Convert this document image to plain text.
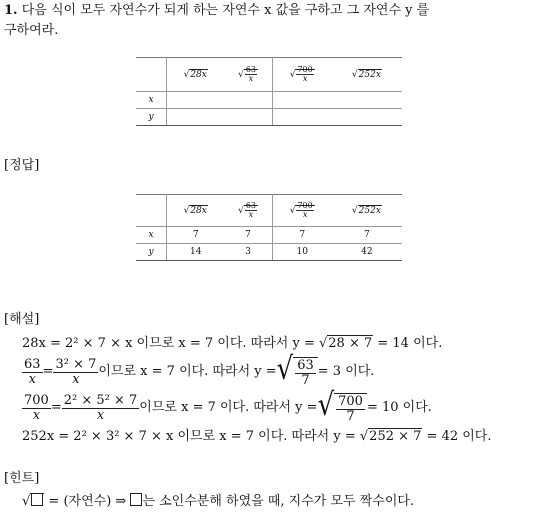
1. 다음 식이 모두 자연수가 되게 하는 자연수 x 값을 구하고 그 자연수 y 를
구하여라.
	√28x	√ $\frac{63}{x}$	√ $\frac{700}{x}$	√252x
x				
y				
[정답]
	√28x	√ $\frac{63}{x}$	√ $\frac{700}{x}$	√252x
x	7	7	7	7
y	14	3	10	42
[해설]
28x = 2² × 7 × x 이므로 x = 7 이다. 따라서 y = √28 × 7 = 14 이다.
$\frac{63}{x} = \frac{\text{3² × 7}}{x}$ 이므로 x = 7 이다. 따라서 y = √ $\frac{63}{7} = 3$ 이다.
$\frac{700}{x} = \frac{\text{2² × 5² × 7}}{x}$ 이므로 x = 7 이다. 따라서 y = √ $\frac{700}{7} = 10$ 이다.
252x = 2² × 3² × 7 × x 이므로 x = 7 이다. 따라서 y = √252 × 7 = 42 이다.
[힌트]
√ = (자연수) ⇒ 는 소인수분해 하였을 때, 지수가 모두 짝수이다.
